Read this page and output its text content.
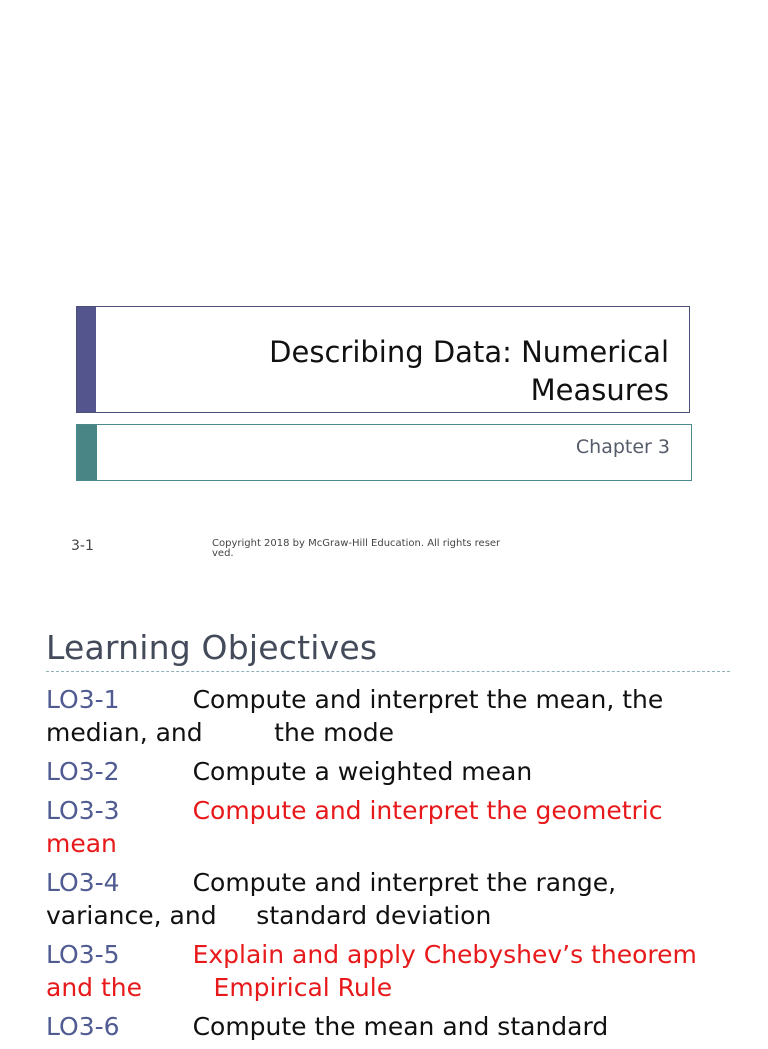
Describing Data: Numerical
Measures
Chapter 3
3-1	Copyright 2018 by McGraw-Hill Education. All rights reser
ved.
Learning Objectives
LO3-1	Compute and interpret the mean, the median, and         the mode
LO3-2	Compute a weighted mean
LO3-3	Compute and interpret the geometric mean
LO3-4	Compute and interpret the range, variance, and     standard deviation
LO3-5	Explain and apply Chebyshev’s theorem and the         Empirical Rule
LO3-6	Compute the mean and standard
